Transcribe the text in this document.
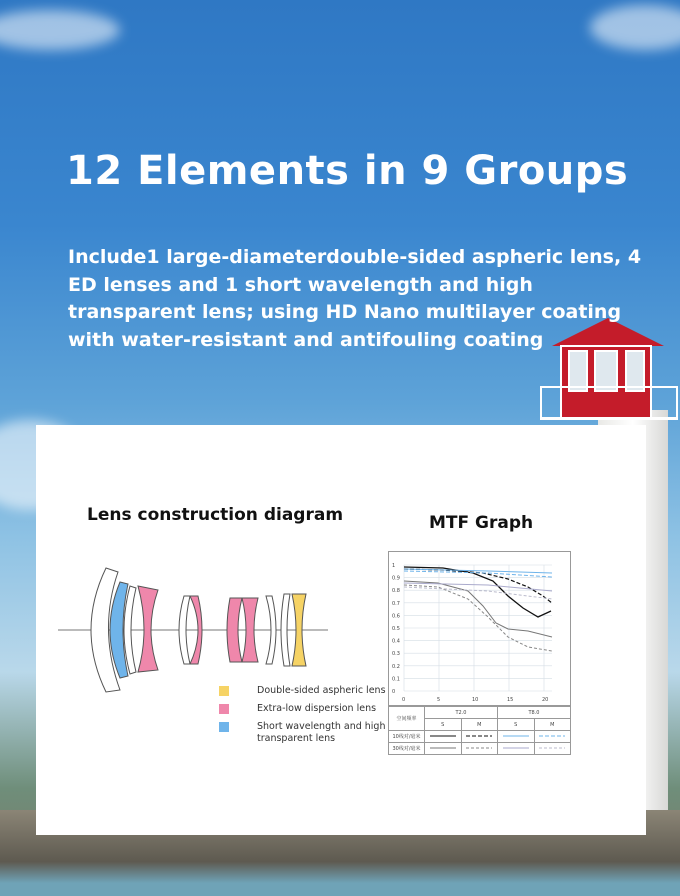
12 Elements in 9 Groups

Include1 large-diameterdouble-sided aspheric lens, 4 ED lenses and 1 short wavelength and high transparent lens; using HD Nano multilayer coating with water-resistant and antifouling coating

Lens construction diagram	MTF Graph
Double-sided aspheric lens
Extra-low dispersion lens
Short wavelength and high transparent lens
1
0.9
0.8
0.7
0.6
0.5
0.4
0.3
0.2
0.1
0
0	5	10	15	20
空间频率	T2.0		T8.0	
	S	M	S	M
10线对/毫米				
30线对/毫米				
